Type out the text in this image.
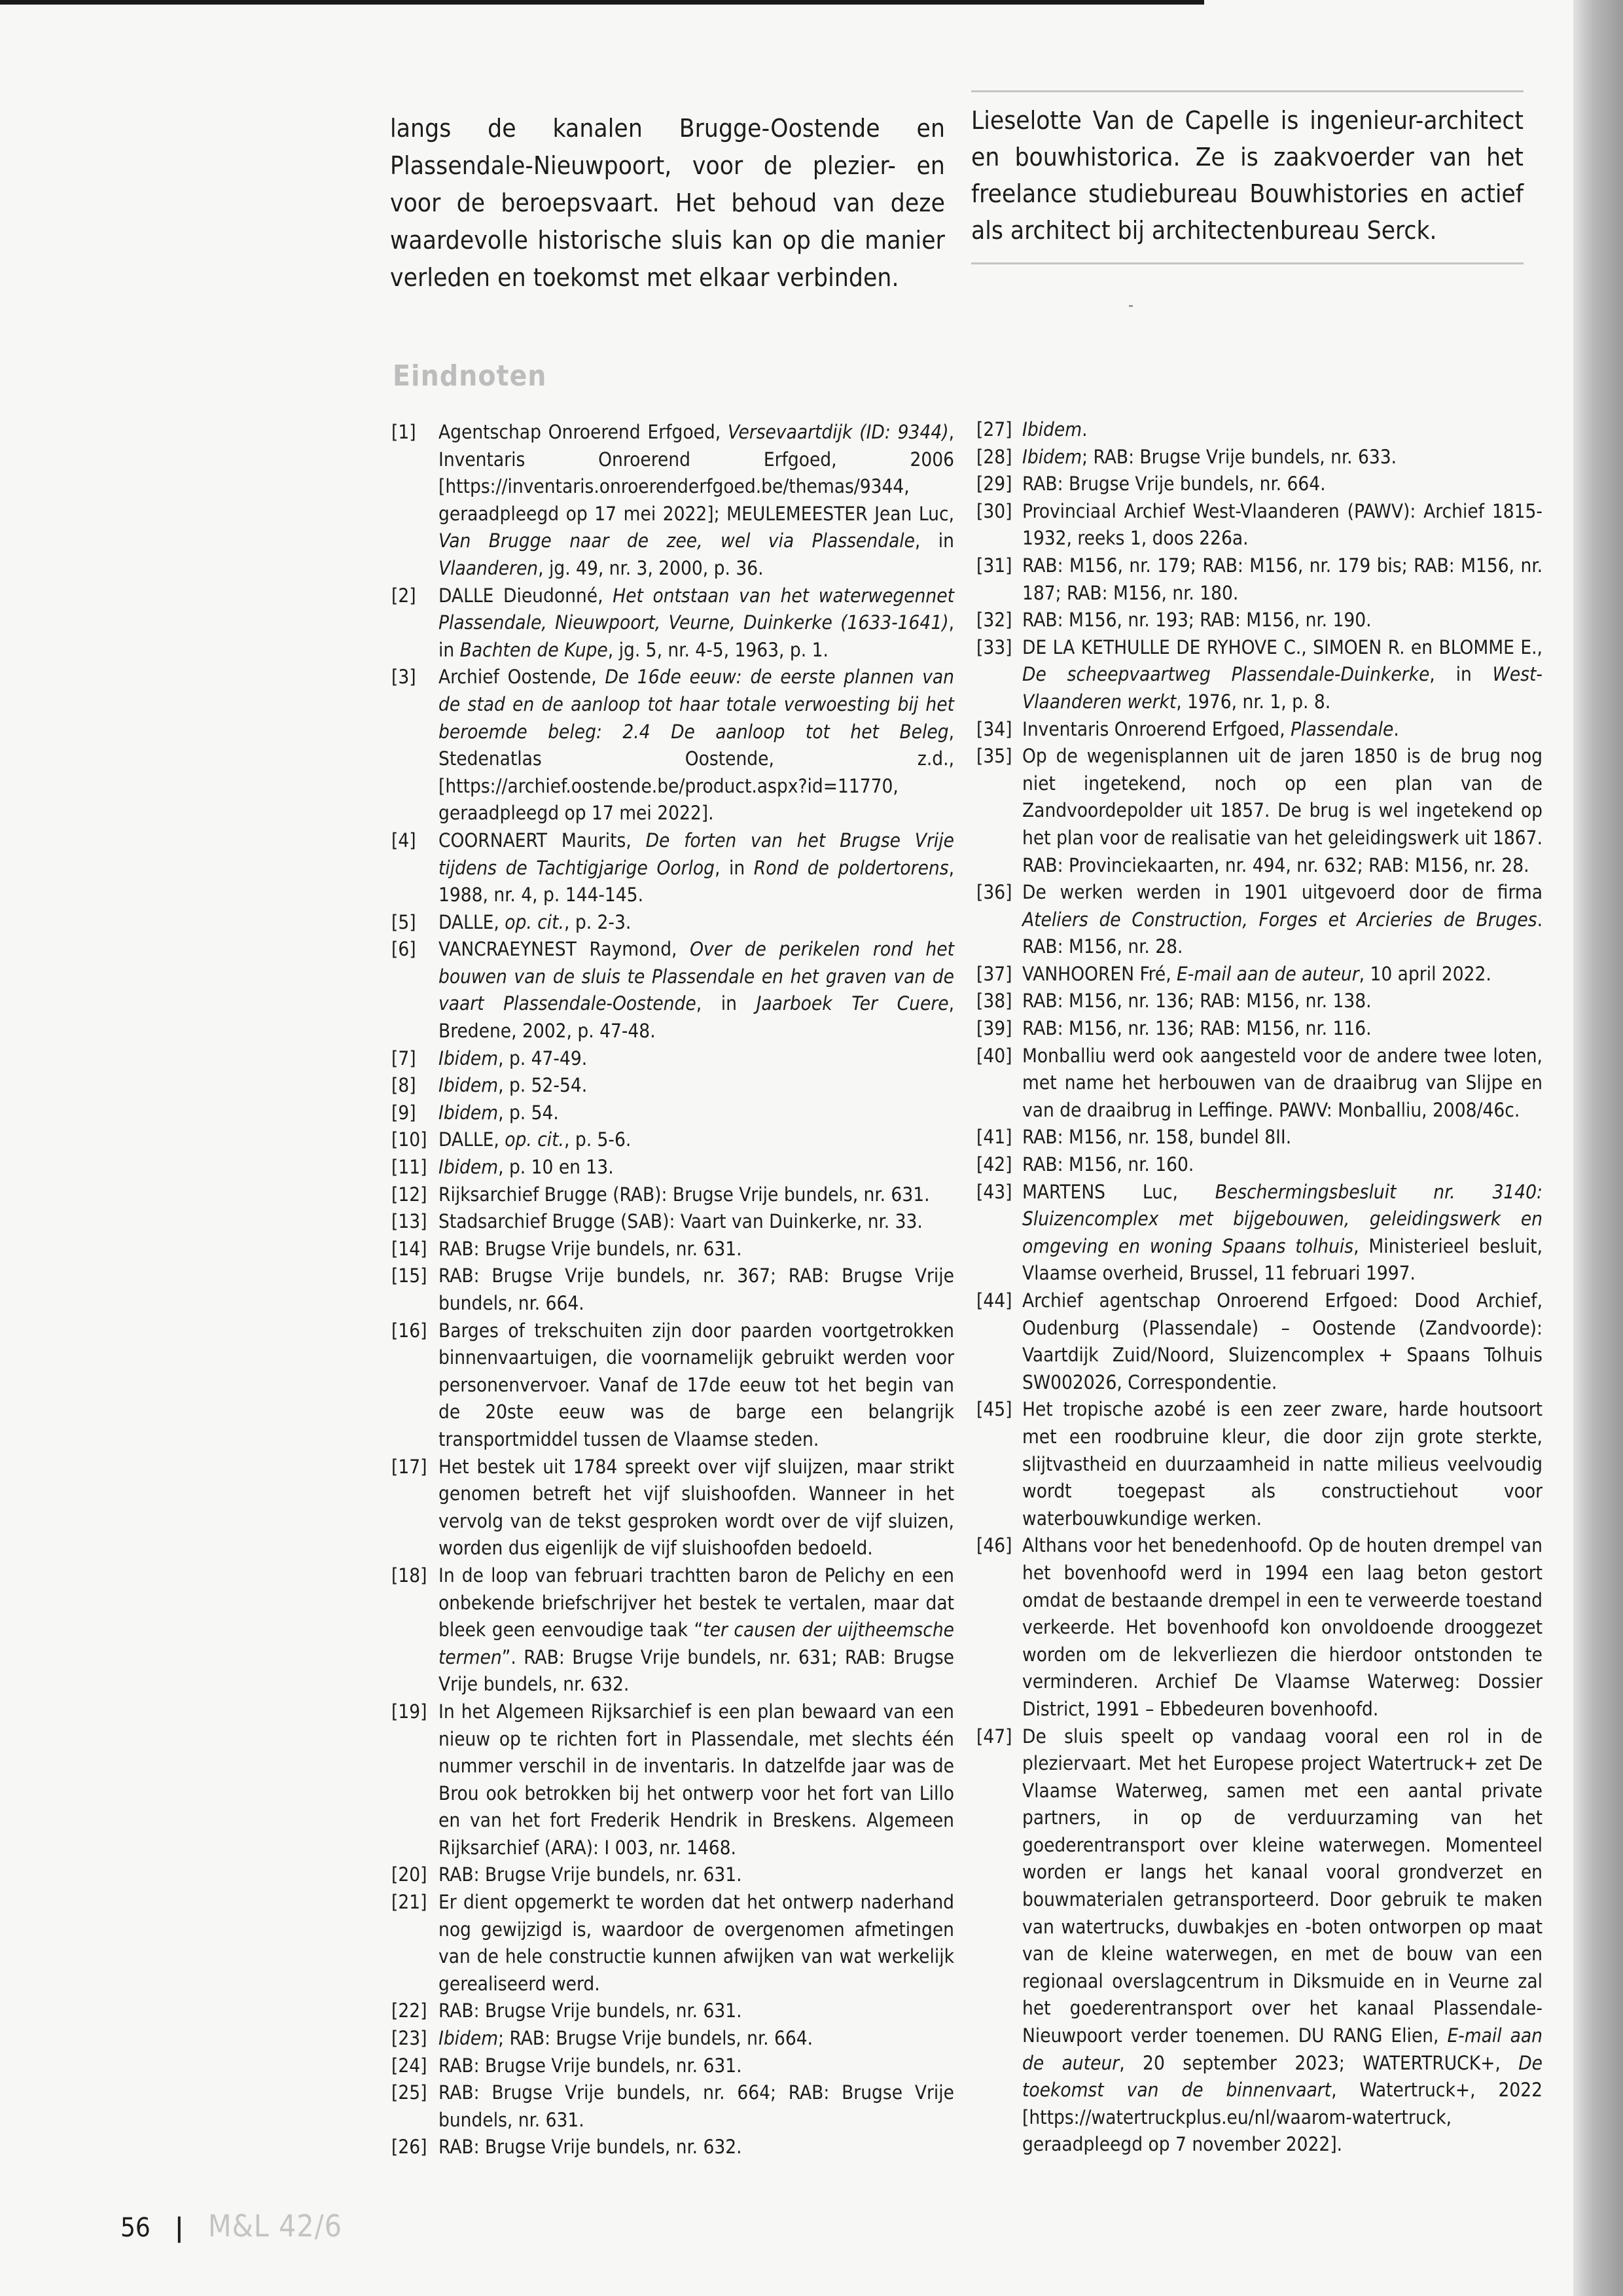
langs de kanalen Brugge-Oostende en Plassendale-Nieuwpoort, voor de plezier- en voor de beroepsvaart. Het behoud van deze waardevolle historische sluis kan op die manier verleden en toekomst met elkaar verbinden.
Lieselotte Van de Capelle is ingenieur-architect en bouwhistorica. Ze is zaakvoerder van het freelance studiebureau Bouwhistories en actief als architect bij architectenbureau Serck.
Eindnoten
[1]	Agentschap Onroerend Erfgoed, Versevaartdijk (ID: 9344), Inventaris Onroerend Erfgoed, 2006 [https://inventaris.onroerenderfgoed.be/themas/9344, geraadpleegd op 17 mei 2022]; MEULEMEESTER Jean Luc, Van Brugge naar de zee, wel via Plassendale, in Vlaanderen, jg. 49, nr. 3, 2000, p. 36.
[2]	DALLE Dieudonné, Het ontstaan van het waterwegennet Plassendale, Nieuwpoort, Veurne, Duinkerke (1633-1641), in Bachten de Kupe, jg. 5, nr. 4-5, 1963, p. 1.
[3]	Archief Oostende, De 16de eeuw: de eerste plannen van de stad en de aanloop tot haar totale verwoesting bij het beroemde beleg: 2.4 De aanloop tot het Beleg, Stedenatlas Oostende, z.d., [https://archief.oostende.be/product.aspx?id=11770, geraadpleegd op 17 mei 2022].
[4]	COORNAERT Maurits, De forten van het Brugse Vrije tijdens de Tachtigjarige Oorlog, in Rond de poldertorens, 1988, nr. 4, p. 144-145.
[5]	DALLE, op. cit., p. 2-3.
[6]	VANCRAEYNEST Raymond, Over de perikelen rond het bouwen van de sluis te Plassendale en het graven van de vaart Plassendale-Oostende, in Jaarboek Ter Cuere, Bredene, 2002, p. 47-48.
[7]	Ibidem, p. 47-49.
[8]	Ibidem, p. 52-54.
[9]	Ibidem, p. 54.
[10] DALLE, op. cit., p. 5-6.
[11] Ibidem, p. 10 en 13.
[12] Rijksarchief Brugge (RAB): Brugse Vrije bundels, nr. 631.
[13] Stadsarchief Brugge (SAB): Vaart van Duinkerke, nr. 33.
[14] RAB: Brugse Vrije bundels, nr. 631.
[15] RAB: Brugse Vrije bundels, nr. 367; RAB: Brugse Vrije bundels, nr. 664.
[16] Barges of trekschuiten zijn door paarden voortgetrokken binnenvaartuigen, die voornamelijk gebruikt werden voor personenvervoer. Vanaf de 17de eeuw tot het begin van de 20ste eeuw was de barge een belangrijk transportmiddel tussen de Vlaamse steden.
[17] Het bestek uit 1784 spreekt over vijf sluijzen, maar strikt genomen betreft het vijf sluishoofden. Wanneer in het vervolg van de tekst gesproken wordt over de vijf sluizen, worden dus eigenlijk de vijf sluishoofden bedoeld.
[18] In de loop van februari trachtten baron de Pelichy en een onbekende briefschrijver het bestek te vertalen, maar dat bleek geen eenvoudige taak “ter causen der uijtheemsche termen”. RAB: Brugse Vrije bundels, nr. 631; RAB: Brugse Vrije bundels, nr. 632.
[19] In het Algemeen Rijksarchief is een plan bewaard van een nieuw op te richten fort in Plassendale, met slechts één nummer verschil in de inventaris. In datzelfde jaar was de Brou ook betrokken bij het ontwerp voor het fort van Lillo en van het fort Frederik Hendrik in Breskens. Algemeen Rijksarchief (ARA): I 003, nr. 1468.
[20] RAB: Brugse Vrije bundels, nr. 631.
[21] Er dient opgemerkt te worden dat het ontwerp naderhand nog gewijzigd is, waardoor de overgenomen afmetingen van de hele constructie kunnen afwijken van wat werkelijk gerealiseerd werd.
[22] RAB: Brugse Vrije bundels, nr. 631.
[23] Ibidem; RAB: Brugse Vrije bundels, nr. 664.
[24] RAB: Brugse Vrije bundels, nr. 631.
[25] RAB: Brugse Vrije bundels, nr. 664; RAB: Brugse Vrije bundels, nr. 631.
[26] RAB: Brugse Vrije bundels, nr. 632.
[27] Ibidem.
[28] Ibidem; RAB: Brugse Vrije bundels, nr. 633.
[29] RAB: Brugse Vrije bundels, nr. 664.
[30] Provinciaal Archief West-Vlaanderen (PAWV): Archief 1815-1932, reeks 1, doos 226a.
[31] RAB: M156, nr. 179; RAB: M156, nr. 179 bis; RAB: M156, nr. 187; RAB: M156, nr. 180.
[32] RAB: M156, nr. 193; RAB: M156, nr. 190.
[33] DE LA KETHULLE DE RYHOVE C., SIMOEN R. en BLOMME E., De scheepvaartweg Plassendale-Duinkerke, in West-Vlaanderen werkt, 1976, nr. 1, p. 8.
[34] Inventaris Onroerend Erfgoed, Plassendale.
[35] Op de wegenisplannen uit de jaren 1850 is de brug nog niet ingetekend, noch op een plan van de Zandvoordepolder uit 1857. De brug is wel ingetekend op het plan voor de realisatie van het geleidingswerk uit 1867. RAB: Provinciekaarten, nr. 494, nr. 632; RAB: M156, nr. 28.
[36] De werken werden in 1901 uitgevoerd door de firma Ateliers de Construction, Forges et Arcieries de Bruges. RAB: M156, nr. 28.
[37] VANHOOREN Fré, E-mail aan de auteur, 10 april 2022.
[38] RAB: M156, nr. 136; RAB: M156, nr. 138.
[39] RAB: M156, nr. 136; RAB: M156, nr. 116.
[40] Monballiu werd ook aangesteld voor de andere twee loten, met name het herbouwen van de draaibrug van Slijpe en van de draaibrug in Leffinge. PAWV: Monballiu, 2008/46c.
[41] RAB: M156, nr. 158, bundel 8II.
[42] RAB: M156, nr. 160.
[43] MARTENS Luc, Beschermingsbesluit nr. 3140: Sluizencomplex met bijgebouwen, geleidingswerk en omgeving en woning Spaans tolhuis, Ministerieel besluit, Vlaamse overheid, Brussel, 11 februari 1997.
[44] Archief agentschap Onroerend Erfgoed: Dood Archief, Oudenburg (Plassendale) – Oostende (Zandvoorde): Vaartdijk Zuid/Noord, Sluizencomplex + Spaans Tolhuis SW002026, Correspondentie.
[45] Het tropische azobé is een zeer zware, harde houtsoort met een roodbruine kleur, die door zijn grote sterkte, slijtvastheid en duurzaamheid in natte milieus veelvoudig wordt toegepast als constructiehout voor waterbouwkundige werken.
[46] Althans voor het benedenhoofd. Op de houten drempel van het bovenhoofd werd in 1994 een laag beton gestort omdat de bestaande drempel in een te verweerde toestand verkeerde. Het bovenhoofd kon onvoldoende drooggezet worden om de lekverliezen die hierdoor ontstonden te verminderen. Archief De Vlaamse Waterweg: Dossier District, 1991 – Ebbedeuren bovenhoofd.
[47] De sluis speelt op vandaag vooral een rol in de pleziervaart. Met het Europese project Watertruck+ zet De Vlaamse Waterweg, samen met een aantal private partners, in op de verduurzaming van het goederentransport over kleine waterwegen. Momenteel worden er langs het kanaal vooral grondverzet en bouwmaterialen getransporteerd. Door gebruik te maken van watertrucks, duwbakjes en -boten ontworpen op maat van de kleine waterwegen, en met de bouw van een regionaal overslagcentrum in Diksmuide en in Veurne zal het goederentransport over het kanaal Plassendale-Nieuwpoort verder toenemen. DU RANG Elien, E-mail aan de auteur, 20 september 2023; WATERTRUCK+, De toekomst van de binnenvaart, Watertruck+, 2022 [https://watertruckplus.eu/nl/waarom-watertruck, geraadpleegd op 7 november 2022].
56 | M&L 42/6
